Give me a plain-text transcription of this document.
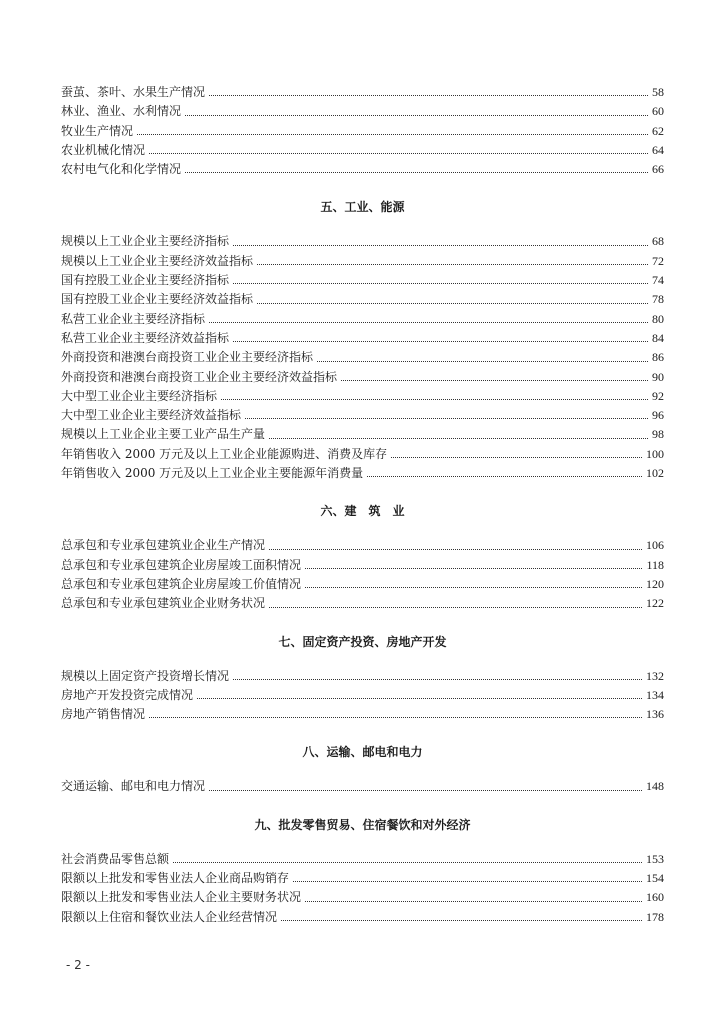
蚕茧、茶叶、水果生产情况	58
林业、渔业、水利情况	60
牧业生产情况	62
农业机械化情况	64
农村电气化和化学情况	66
五、工业、能源
规模以上工业企业主要经济指标	68
规模以上工业企业主要经济效益指标	72
国有控股工业企业主要经济指标	74
国有控股工业企业主要经济效益指标	78
私营工业企业主要经济指标	80
私营工业企业主要经济效益指标	84
外商投资和港澳台商投资工业企业主要经济指标	86
外商投资和港澳台商投资工业企业主要经济效益指标	90
大中型工业企业主要经济指标	92
大中型工业企业主要经济效益指标	96
规模以上工业企业主要工业产品生产量	98
年销售收入 2000 万元及以上工业企业能源购进、消费及库存	100
年销售收入 2000 万元及以上工业企业主要能源年消费量	102
六、建　筑　业
总承包和专业承包建筑业企业生产情况	106
总承包和专业承包建筑企业房屋竣工面积情况	118
总承包和专业承包建筑企业房屋竣工价值情况	120
总承包和专业承包建筑业企业财务状况	122
七、固定资产投资、房地产开发
规模以上固定资产投资增长情况	132
房地产开发投资完成情况	134
房地产销售情况	136
八、运输、邮电和电力
交通运输、邮电和电力情况	148
九、批发零售贸易、住宿餐饮和对外经济
社会消费品零售总额	153
限额以上批发和零售业法人企业商品购销存	154
限额以上批发和零售业法人企业主要财务状况	160
限额以上住宿和餐饮业法人企业经营情况	178
- 2 -
